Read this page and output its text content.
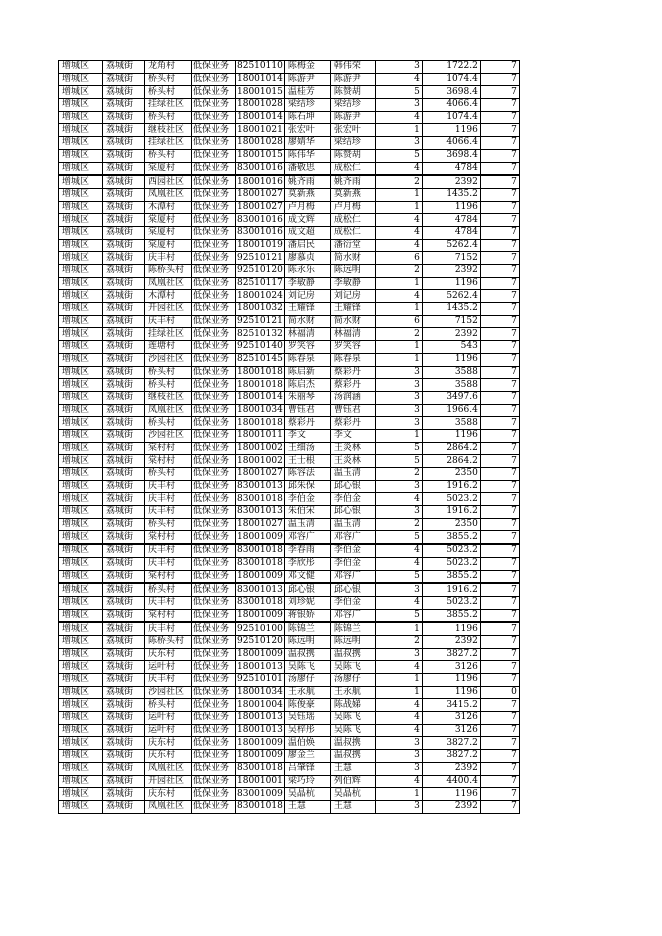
增城区	荔城街	龙角村	低保业务	82510110	陈梅金	韩伟荣	3	1722.2	7
增城区	荔城街	桥头村	低保业务	18001014	陈游尹	陈游尹	4	1074.4	7
增城区	荔城街	桥头村	低保业务	18001015	温桂芳	陈赞胡	5	3698.4	7
增城区	荔城街	挂绿社区	低保业务	18001028	梁结珍	梁结珍	3	4066.4	7
增城区	荔城街	桥头村	低保业务	18001014	陈石坤	陈游尹	4	1074.4	7
增城区	荔城街	继枝社区	低保业务	18001021	张宏叶	张宏叶	1	1196	7
增城区	荔城街	挂绿社区	低保业务	18001028	廖婧华	梁结珍	3	4066.4	7
增城区	荔城街	桥头村	低保业务	18001015	陈伟华	陈赞胡	5	3698.4	7
增城区	荔城街	棠厦村	低保业务	83001016	潘敬思	成松仁	4	4784	7
增城区	荔城街	西园社区	低保业务	18001016	姚齐雨	姚齐雨	2	2392	7
增城区	荔城街	凤凰社区	低保业务	18001027	莫新燕	莫新燕	1	1435.2	7
增城区	荔城街	木潭村	低保业务	18001027	卢月梅	卢月梅	1	1196	7
增城区	荔城街	棠厦村	低保业务	83001016	成文辉	成松仁	4	4784	7
增城区	荔城街	棠厦村	低保业务	83001016	成文超	成松仁	4	4784	7
增城区	荔城街	棠厦村	低保业务	18001019	潘启民	潘衍堂	4	5262.4	7
增城区	荔城街	庆丰村	低保业务	92510121	廖慕贞	简水财	6	7152	7
增城区	荔城街	陈桥头村	低保业务	92510120	陈永乐	陈远明	2	2392	7
增城区	荔城街	凤凰社区	低保业务	82510117	李敏静	李敏静	1	1196	7
增城区	荔城街	木潭村	低保业务	18001024	刘记房	刘记房	4	5262.4	7
增城区	荔城街	开园社区	低保业务	18001032	王耀锋	王耀锋	1	1435.2	7
增城区	荔城街	庆丰村	低保业务	92510121	简水财	简水财	6	7152	7
增城区	荔城街	挂绿社区	低保业务	82510132	林福清	林福清	2	2392	7
增城区	荔城街	莲塘村	低保业务	92510140	罗笑容	罗笑容	1	543	7
增城区	荔城街	沙园社区	低保业务	82510145	陈春泉	陈春泉	1	1196	7
增城区	荔城街	桥头村	低保业务	18001018	陈启新	蔡彩丹	3	3588	7
增城区	荔城街	桥头村	低保业务	18001018	陈启杰	蔡彩丹	3	3588	7
增城区	荔城街	继枝社区	低保业务	18001014	朱丽琴	汤润涵	3	3497.6	7
增城区	荔城街	凤凰社区	低保业务	18001034	曹钰君	曹钰君	3	1966.4	7
增城区	荔城街	桥头村	低保业务	18001018	蔡彩丹	蔡彩丹	3	3588	7
增城区	荔城街	沙园社区	低保业务	18001011	李文	李文	1	1196	7
增城区	荔城街	棠村村	低保业务	18001002	王细汤	王炎林	5	2864.2	7
增城区	荔城街	棠村村	低保业务	18001002	王士根	王炎林	5	2864.2	7
增城区	荔城街	桥头村	低保业务	18001027	陈容法	温玉清	2	2350	7
增城区	荔城街	庆丰村	低保业务	83001013	邱朱保	邱心银	3	1916.2	7
增城区	荔城街	庆丰村	低保业务	83001018	李伯金	李伯金	4	5023.2	7
增城区	荔城街	庆丰村	低保业务	83001013	朱伯宋	邱心银	3	1916.2	7
增城区	荔城街	桥头村	低保业务	18001027	温玉清	温玉清	2	2350	7
增城区	荔城街	棠村村	低保业务	18001009	邓容广	邓容广	5	3855.2	7
增城区	荔城街	庆丰村	低保业务	83001018	李春雨	李伯金	4	5023.2	7
增城区	荔城街	庆丰村	低保业务	83001018	李欣彤	李伯金	4	5023.2	7
增城区	荔城街	棠村村	低保业务	18001009	邓文健	邓容广	5	3855.2	7
增城区	荔城街	桥头村	低保业务	83001013	邱心银	邱心银	3	1916.2	7
增城区	荔城街	庆丰村	低保业务	83001018	刘珍妮	李伯金	4	5023.2	7
增城区	荔城街	棠村村	低保业务	18001009	蒋银娇	邓容广	5	3855.2	7
增城区	荔城街	庆丰村	低保业务	92510100	陈锦兰	陈锦兰	1	1196	7
增城区	荔城街	陈桥头村	低保业务	92510120	陈远明	陈远明	2	2392	7
增城区	荔城街	庆东村	低保业务	18001009	温叔携	温叔携	3	3827.2	7
增城区	荔城街	运叶村	低保业务	18001013	吴陈飞	吴陈飞	4	3126	7
增城区	荔城街	庆丰村	低保业务	92510101	汤廖仔	汤廖仔	1	1196	7
增城区	荔城街	沙园社区	低保业务	18001034	王永航	王永航	1	1196	0
增城区	荔城街	桥头村	低保业务	18001004	陈俊豪	陈战娣	4	3415.2	7
增城区	荔城街	运叶村	低保业务	18001013	吴钰瑶	吴陈飞	4	3126	7
增城区	荔城街	运叶村	低保业务	18001013	吴梓彤	吴陈飞	4	3126	7
增城区	荔城街	庆东村	低保业务	18001009	温伯焕	温叔携	3	3827.2	7
增城区	荔城街	庆东村	低保业务	18001009	廖金兰	温叔携	3	3827.2	7
增城区	荔城街	凤凰社区	低保业务	83001018	吕肇锋	王慧	3	2392	7
增城区	荔城街	开园社区	低保业务	18001001	梁巧玲	列伯辉	4	4400.4	7
增城区	荔城街	庆东村	低保业务	83001009	吴晶杭	吴晶杭	1	1196	7
增城区	荔城街	凤凰社区	低保业务	83001018	王慧	王慧	3	2392	7
